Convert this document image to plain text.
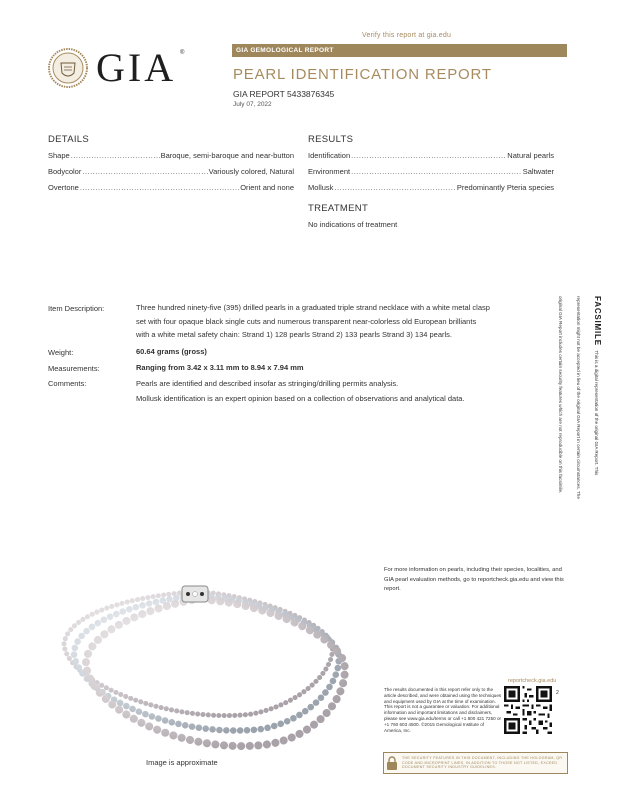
Verify this report at gia.edu
GIA ®	GIA GEMOLOGICAL REPORT
PEARL IDENTIFICATION REPORT
GIA REPORT 5433876345
July 07, 2022
DETAILS
Shape .....	Baroque, semi-baroque and near-button
Bodycolor .....	Variously colored, Natural
Overtone .....	Orient and none
RESULTS
Identification .....	Natural pearls
Environment .....	Saltwater
Mollusk .....	Predominantly Pteria species
TREATMENT
No indications of treatment
Item Description:	Three hundred ninety-five (395) drilled pearls in a graduated triple strand necklace with a white metal clasp
set with four opaque black single cuts and numerous transparent near-colorless old European brilliants
with a white metal safety chain: Strand 1) 128 pearls Strand 2) 133 pearls Strand 3) 134 pearls.
Weight:	60.64 grams (gross)
Measurements:	Ranging from 3.42 x 3.11 mm to 8.94 x 7.94 mm
Comments:	Pearls are identified and described insofar as stringing/drilling permits analysis.
Mollusk identification is an expert opinion based on a collection of observations and analytical data.
FACSIMILE This is a digital representation of the original GIA Report. This representation might not be accepted in lieu of the original GIA Report in certain circumstances. The original GIA Report includes certain security features which are not reproducible on this facsimile.
Image is approximate
For more information on pearls, including their species, localities, and GIA pearl evaluation methods, go to reportcheck.gia.edu and view this report.
reportcheck.gia.edu
The results documented in this report refer only to the article described, and were obtained using the techniques and equipment used by GIA at the time of examination. This report is not a guarantee or valuation. For additional information and important limitations and disclaimers, please see www.gia.edu/terms or call +1 800 421 7250 or +1 760 603 4500. ©2015 Gemological Institute of America, Inc.
2
THE SECURITY FEATURES IN THIS DOCUMENT, INCLUDING THE HOLOGRAM, QR CODE AND MICROPRINT LINES, IN ADDITION TO THOSE NOT LISTED, EXCEED DOCUMENT SECURITY INDUSTRY GUIDELINES.
